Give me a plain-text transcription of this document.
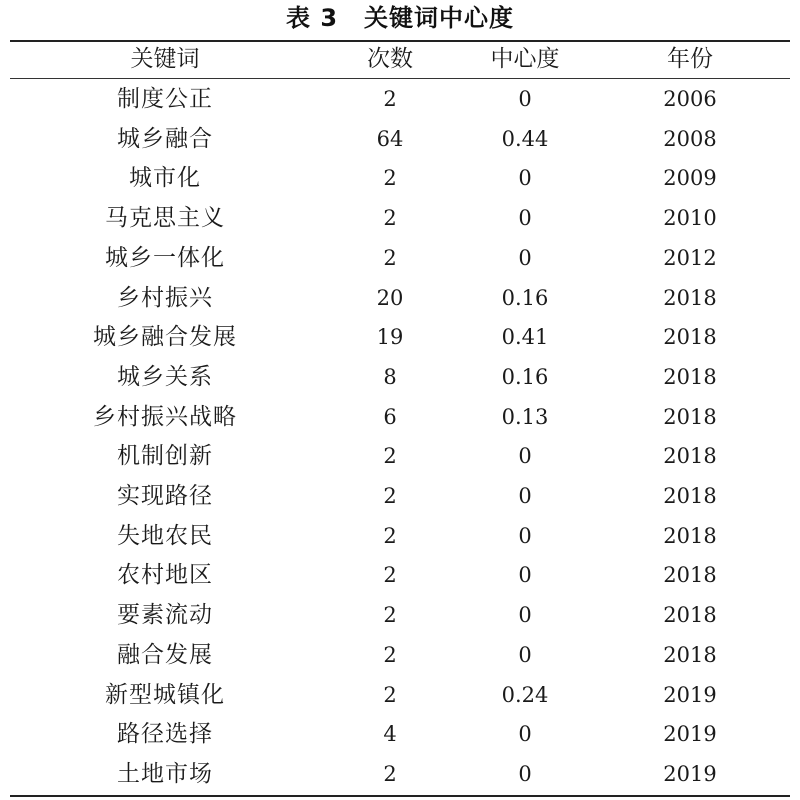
表 3 关键词中心度
关键词	次数	中心度	年份

制度公正	2	0	2006
城乡融合	64	0.44	2008
城市化	2	0	2009
马克思主义	2	0	2010
城乡一体化	2	0	2012
乡村振兴	20	0.16	2018
城乡融合发展	19	0.41	2018
城乡关系	8	0.16	2018
乡村振兴战略	6	0.13	2018
机制创新	2	0	2018
实现路径	2	0	2018
失地农民	2	0	2018
农村地区	2	0	2018
要素流动	2	0	2018
融合发展	2	0	2018
新型城镇化	2	0.24	2019
路径选择	4	0	2019
土地市场	2	0	2019
